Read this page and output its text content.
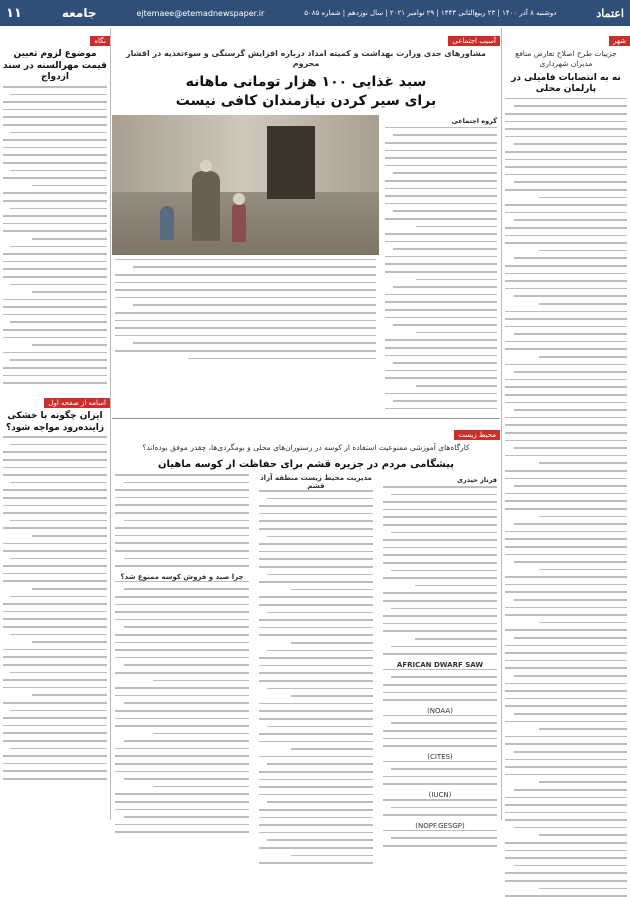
۱۱	جامعه	ejtemaee@etemadnewspaper.ir	دوشنبه ۸ آذر ۱۴۰۰ | ۲۳ ربیع‌الثانی ۱۴۴۳ | ۲۹ نوامبر ۲۰۲۱ | سال نوزدهم | شماره ۵۰۸۵	اعتماد
شهر
جزییات طرح اصلاح تعارض منافع مدیران شهرداری
نه به انتصابات فامیلی در پارلمان محلی
نگاه
موضوع لزوم تعیین قیمت مهرالسنه در سند ازدواج
اسامه از صفحه اول
ایران چگونه با خشکی زاینده‌رود مواجه شود؟
آسیب اجتماعی
مشاورهای جدی وزارت بهداشت و کمیته امداد درباره افزایش گرسنگی و سوءتغذیه در اقشار محروم
سبد غذایی ۱۰۰ هزار تومانی ماهانه
برای سیر کردن نیازمندان کافی نیست
گروه اجتماعی
محیط زیست
کارگاه‌های آموزشی ممنوعیت استفاده از کوسه در رستوران‌های محلی و بومگردی‌ها، چقدر موفق بوده‌اند؟
پیشگامی مردم در جزیره قشم برای حفاظت از کوسه ماهیان
فرناز حیدری
AFRICAN DWARF SAW
(NOAA)
(CITES)
(IUCN)
(NOPF.GESGP)
مدیریت محیط زیست منطقه آزاد قشم
چرا صید و فروش کوسه ممنوع شد؟
